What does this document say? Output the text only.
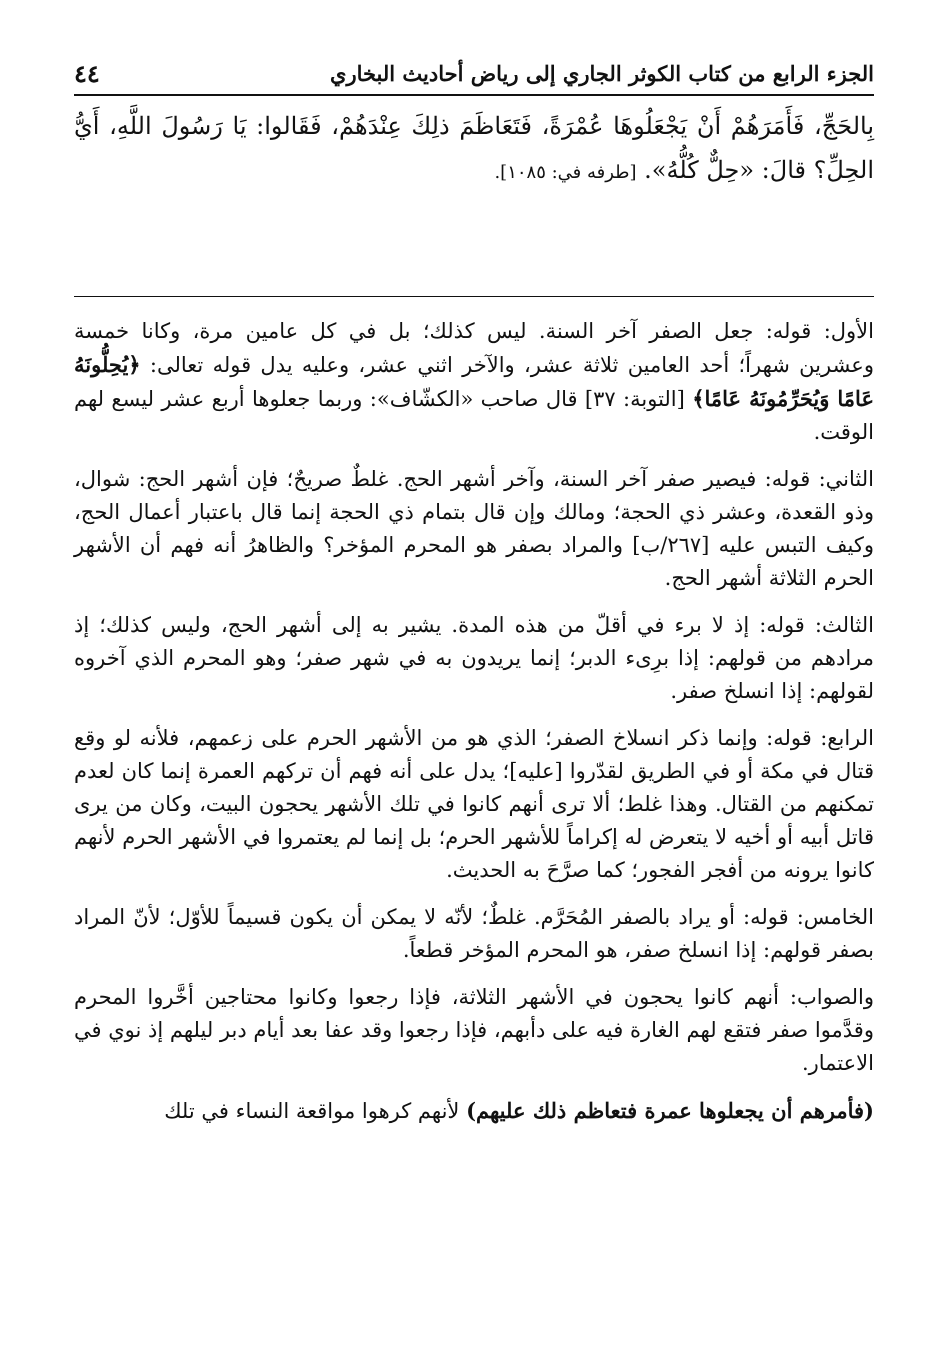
الجزء الرابع من كتاب الكوثر الجاري إلى رياض أحاديث البخاري
٤٤
بِالحَجِّ، فَأَمَرَهُمْ أَنْ يَجْعَلُوهَا عُمْرَةً، فَتَعَاظَمَ ذلِكَ عِنْدَهُمْ، فَقَالوا: يَا رَسُولَ اللَّهِ، أَيُّ الحِلِّ؟ قالَ: «حِلٌّ كُلُّهُ». [طرفه في: ١٠٨٥].

الأول: قوله: جعل الصفر آخر السنة. ليس كذلك؛ بل في كل عامين مرة، وكانا خمسة وعشرين شهراً؛ أحد العامين ثلاثة عشر، والآخر اثني عشر، وعليه يدل قوله تعالى: ﴿يُحِلُّونَهُ عَامًا وَيُحَرِّمُونَهُ عَامًا﴾ [التوبة: ٣٧] قال صاحب «الكشّاف»: وربما جعلوها أربع عشر ليسع لهم الوقت.

الثاني: قوله: فيصير صفر آخر السنة، وآخر أشهر الحج. غلطٌ صريحٌ؛ فإن أشهر الحج: شوال، وذو القعدة، وعشر ذي الحجة؛ ومالك وإن قال بتمام ذي الحجة إنما قال باعتبار أعمال الحج، وكيف التبس عليه [٢٦٧/ب] والمراد بصفر هو المحرم المؤخر؟ والظاهرُ أنه فهم أن الأشهر الحرم الثلاثة أشهر الحج.

الثالث: قوله: إذ لا برء في أقلّ من هذه المدة. يشير به إلى أشهر الحج، وليس كذلك؛ إذ مرادهم من قولهم: إذا برِىء الدبر؛ إنما يريدون به في شهر صفر؛ وهو المحرم الذي آخروه لقولهم: إذا انسلخ صفر.

الرابع: قوله: وإنما ذكر انسلاخ الصفر؛ الذي هو من الأشهر الحرم على زعمهم، فلأنه لو وقع قتال في مكة أو في الطريق لقدّروا [عليه]؛ يدل على أنه فهم أن تركهم العمرة إنما كان لعدم تمكنهم من القتال. وهذا غلط؛ ألا ترى أنهم كانوا في تلك الأشهر يحجون البيت، وكان من يرى قاتل أبيه أو أخيه لا يتعرض له إكراماً للأشهر الحرم؛ بل إنما لم يعتمروا في الأشهر الحرم لأنهم كانوا يرونه من أفجر الفجور؛ كما صرَّحَ به الحديث.

الخامس: قوله: أو يراد بالصفر المُحَرَّم. غلطٌ؛ لأنّه لا يمكن أن يكون قسيماً للأوّل؛ لأنّ المراد بصفر قولهم: إذا انسلخ صفر، هو المحرم المؤخر قطعاً.

والصواب: أنهم كانوا يحجون في الأشهر الثلاثة، فإذا رجعوا وكانوا محتاجين أخَّروا المحرم وقدَّموا صفر فتقع لهم الغارة فيه على دأبهم، فإذا رجعوا وقد عفا بعد أيام دبر ليلهم إذ نوي في الاعتمار.

(فأمرهم أن يجعلوها عمرة فتعاظم ذلك عليهم) لأنهم كرهوا مواقعة النساء في تلك
